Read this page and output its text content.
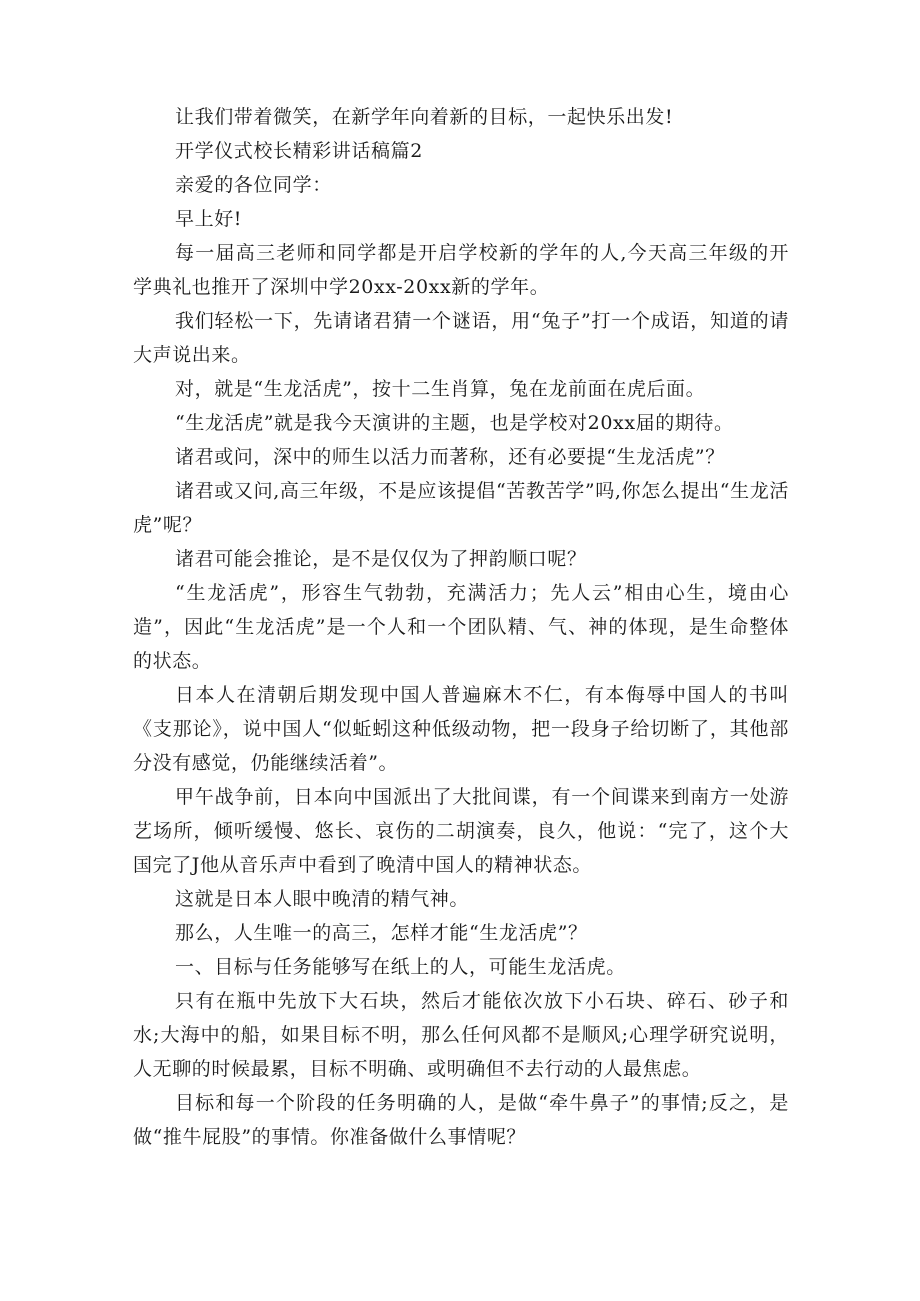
让我们带着微笑，在新学年向着新的目标，一起快乐出发!

开学仪式校长精彩讲话稿篇2

亲爱的各位同学：

早上好!

每一届高三老师和同学都是开启学校新的学年的人,今天高三年级的开学典礼也推开了深圳中学20xx-20xx新的学年。

我们轻松一下，先请诸君猜一个谜语，用“兔子”打一个成语，知道的请大声说出来。

对，就是“生龙活虎”，按十二生肖算，兔在龙前面在虎后面。

“生龙活虎”就是我今天演讲的主题，也是学校对20xx届的期待。

诸君或问，深中的师生以活力而著称，还有必要提“生龙活虎”？

诸君或又问,高三年级，不是应该提倡“苦教苦学”吗,你怎么提出“生龙活虎”呢？

诸君可能会推论，是不是仅仅为了押韵顺口呢？

“生龙活虎”，形容生气勃勃，充满活力；先人云”相由心生，境由心造”，因此“生龙活虎”是一个人和一个团队精、气、神的体现，是生命整体的状态。

日本人在清朝后期发现中国人普遍麻木不仁，有本侮辱中国人的书叫《支那论》，说中国人“似蚯蚓这种低级动物，把一段身子给切断了，其他部分没有感觉，仍能继续活着”。

甲午战争前，日本向中国派出了大批间谍，有一个间谍来到南方一处游艺场所，倾听缓慢、悠长、哀伤的二胡演奏，良久，他说：“完了，这个大国完了J他从音乐声中看到了晚清中国人的精神状态。

这就是日本人眼中晚清的精气神。

那么，人生唯一的高三，怎样才能“生龙活虎”？

一、目标与任务能够写在纸上的人，可能生龙活虎。

只有在瓶中先放下大石块，然后才能依次放下小石块、碎石、砂子和水;大海中的船，如果目标不明，那么任何风都不是顺风;心理学研究说明，人无聊的时候最累，目标不明确、或明确但不去行动的人最焦虑。

目标和每一个阶段的任务明确的人，是做“牵牛鼻子”的事情;反之，是做“推牛屁股”的事情。你准备做什么事情呢？
